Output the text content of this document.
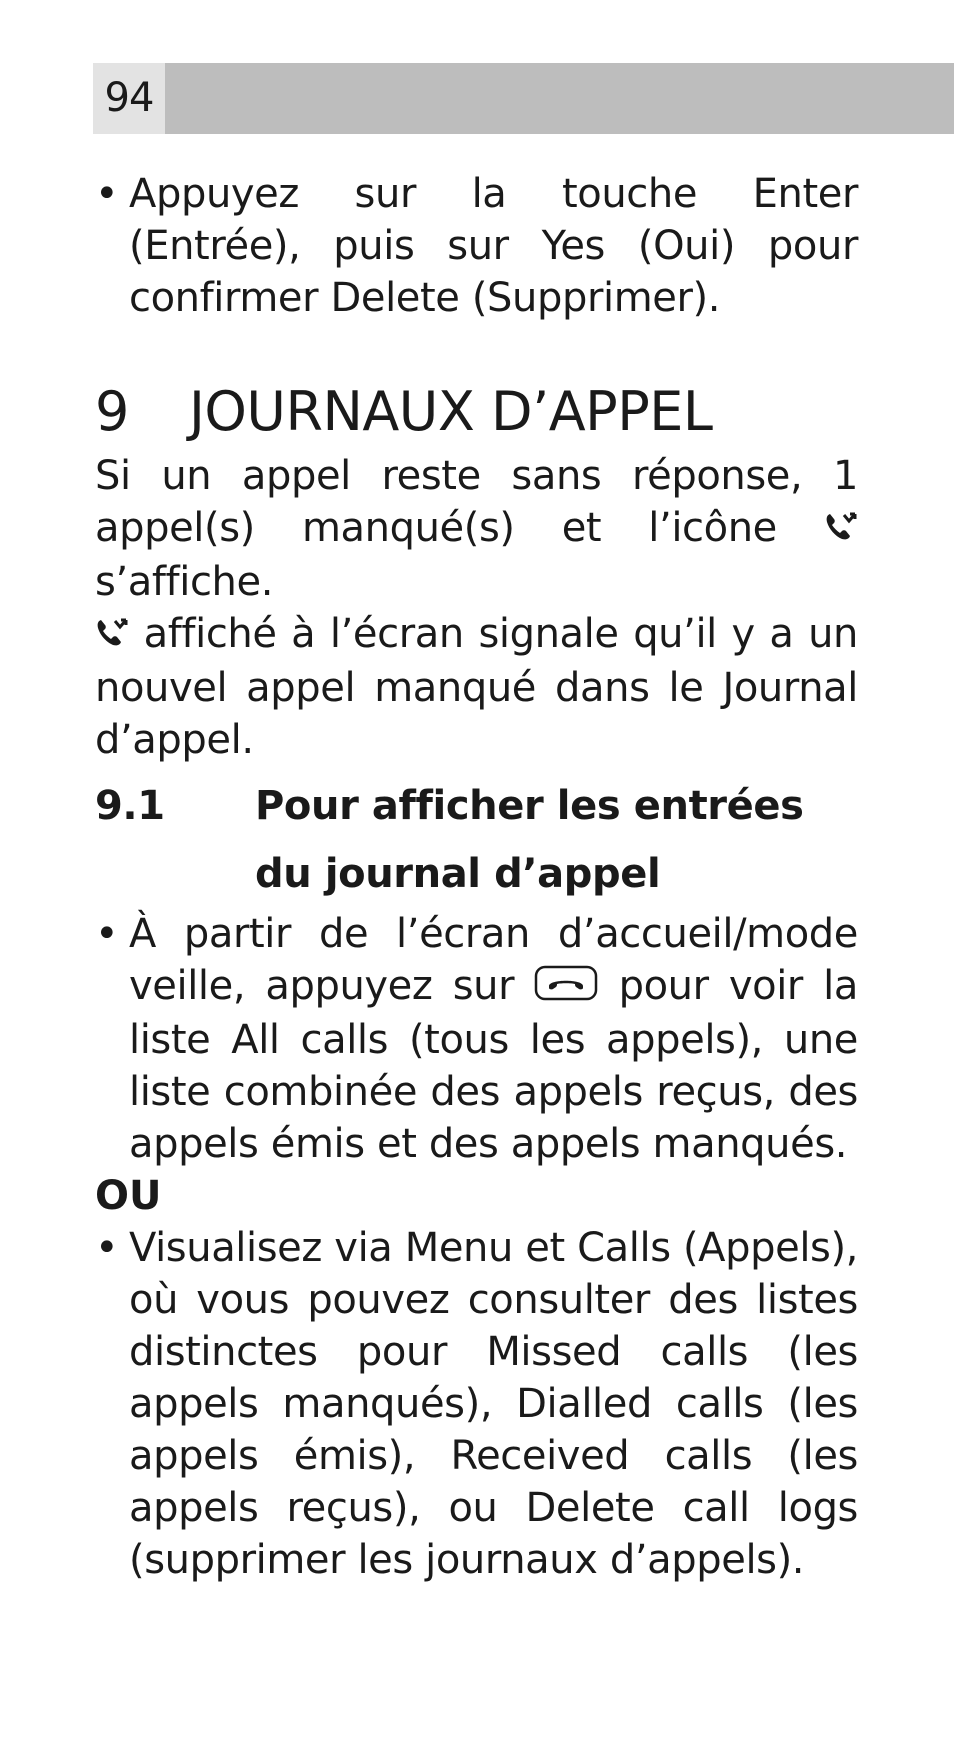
94
• Appuyez sur la touche Enter (Entrée), puis sur Yes (Oui) pour confirmer Delete (Supprimer).

9 JOURNAUX D’APPEL

Si un appel reste sans réponse, 1 appel(s) manqué(s) et l’icône  s’affiche.

affiché à l’écran signale qu’il y a un nouvel appel manqué dans le Journal d’appel.

9.1	Pour afficher les entrées
du journal d’appel
• À partir de l’écran d’accueil/mode veille, appuyez sur	pour voir la liste All calls (tous les appels), une liste combinée des appels reçus, des appels émis et des appels manqués.

OU

• Visualisez via Menu et Calls (Appels), où vous pouvez consulter des listes distinctes pour Missed calls (les appels manqués), Dialled calls (les appels émis), Received calls (les appels reçus), ou Delete call logs (supprimer les journaux d’appels).
